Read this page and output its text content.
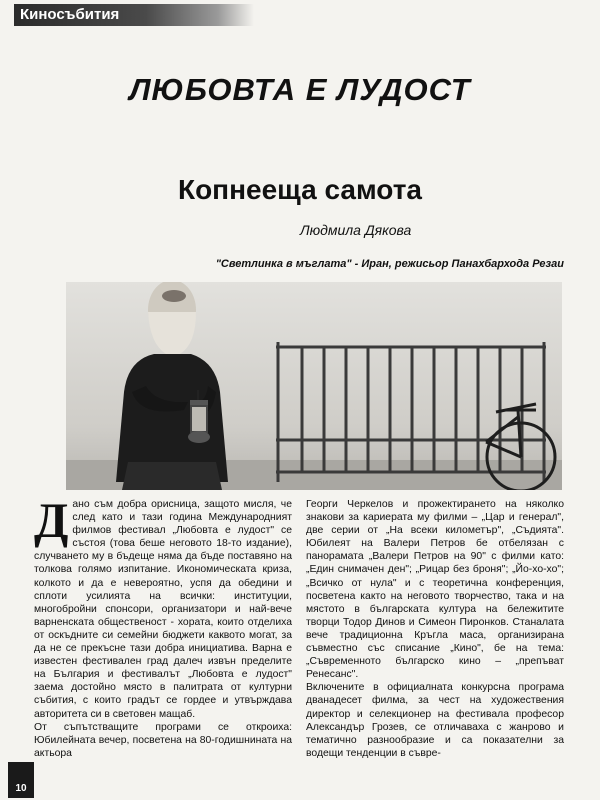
Киносъбития
ЛЮБОВТА Е ЛУДОСТ
Копнееща самота
Людмила Дякова
"Светлинка в мъглата" - Иран, режисьор Панахбарходa Резаи

Дано съм добра орисница, защото мисля, че след като и тази година Международният филмов фестивал „Любовта е лудост" се състоя (това беше неговото 18-то издание), случването му в бъдеще няма да бъде поставяно на толкова голямо изпитание. Икономическата криза, колкото и да е невероятно, успя да обедини и сплоти усилията на всички: институции, многобройни спонсори, организатори и най-вече варненската общественост - хората, които отделиха от оскъдните си семейни бюджети каквото могат, за да не се прекъсне тази добра инициатива. Варна е известен фестивален град далеч извън пределите на България и фестивалът „Любовта е лудост" заема достойно място в палитрата от културни събития, с които градът се гордее и утвърждава авторитета си в световен мащаб.

От съпътстващите програми се откроиха: Юбилейната вечер, посветена на 80-годишнината на актьора

Георги Черкелов и прожектирането на няколко знакови за кариерата му филми – „Цар и генерал", две серии от „На всеки километър", „Съдията". Юбилеят на Валери Петров бе отбелязан с панорамата „Валери Петров на 90" с филми като: „Един снимачен ден"; „Рицар без броня"; „Йо-хо-хо"; „Всичко от нула" и с теоретична конференция, посветена както на неговото творчество, така и на мястото в българската култура на бележитите творци Тодор Динов и Симеон Пиронков. Станалата вече традиционна Кръгла маса, организирана съвместно със списание „Кино", бе на тема: „Съвременното българско кино – „препъват Ренесанс".

Включените в официалната конкурсна програма дванадесет филма, за чест на художествения директор и селекционер на фестивала професор Александър Грозев, се отличаваха с жанрово и тематично разнообразие и са показателни за водещи тенденции в съвре-

10
